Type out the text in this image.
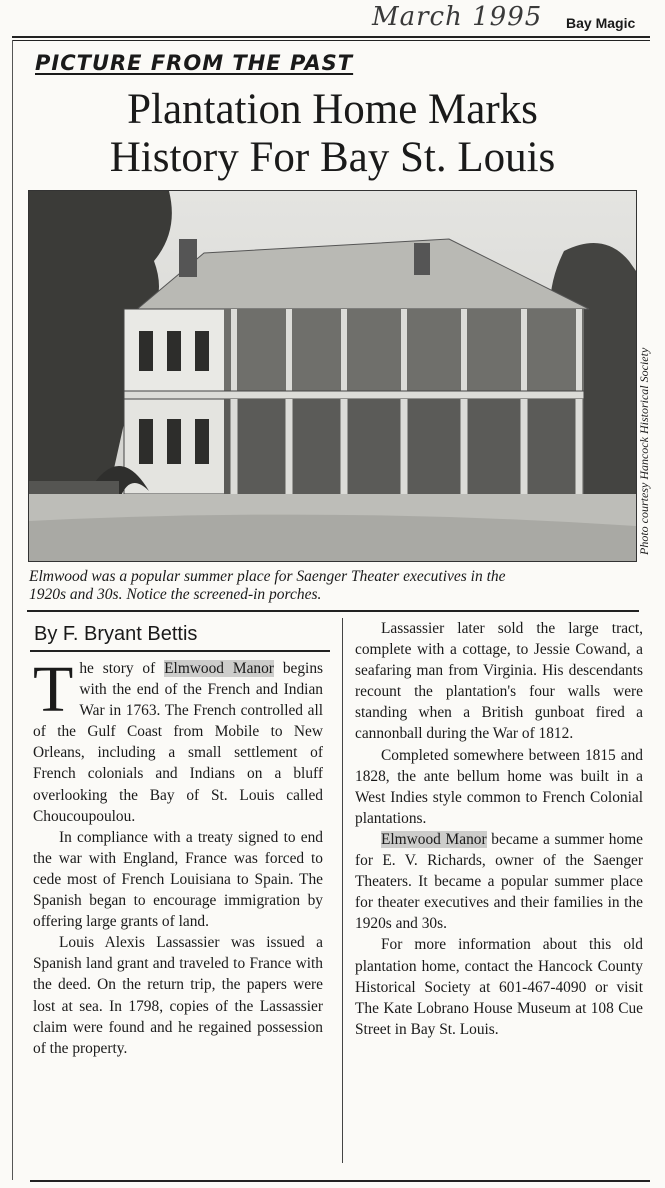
March 1995 Bay Magic
PICTURE FROM THE PAST
Plantation Home Marks
History For Bay St. Louis
Photo courtesy Hancock Historical Society
Elmwood was a popular summer place for Saenger Theater executives in the
1920s and 30s. Notice the screened-in porches.
By F. Bryant Bettis

The story of Elmwood Manor begins with the end of the French and Indian War in 1763. The French controlled all of the Gulf Coast from Mobile to New Orleans, including a small settlement of French colonials and Indians on a bluff overlooking the Bay of St. Louis called Choucoupoulou.

In compliance with a treaty signed to end the war with England, France was forced to cede most of French Louisiana to Spain. The Spanish began to encourage immigration by offering large grants of land.

Louis Alexis Lassassier was issued a Spanish land grant and traveled to France with the deed. On the return trip, the papers were lost at sea. In 1798, copies of the Lassassier claim were found and he regained possession of the property.

Lassassier later sold the large tract, complete with a cottage, to Jessie Cowand, a seafaring man from Virginia. His descendants recount the plantation's four walls were standing when a British gunboat fired a cannonball during the War of 1812.

Completed somewhere between 1815 and 1828, the ante bellum home was built in a West Indies style common to French Colonial plantations.

Elmwood Manor became a summer home for E. V. Richards, owner of the Saenger Theaters. It became a popular summer place for theater executives and their families in the 1920s and 30s.

For more information about this old plantation home, contact the Hancock County Historical Society at 601-467-4090 or visit The Kate Lobrano House Museum at 108 Cue Street in Bay St. Louis.
